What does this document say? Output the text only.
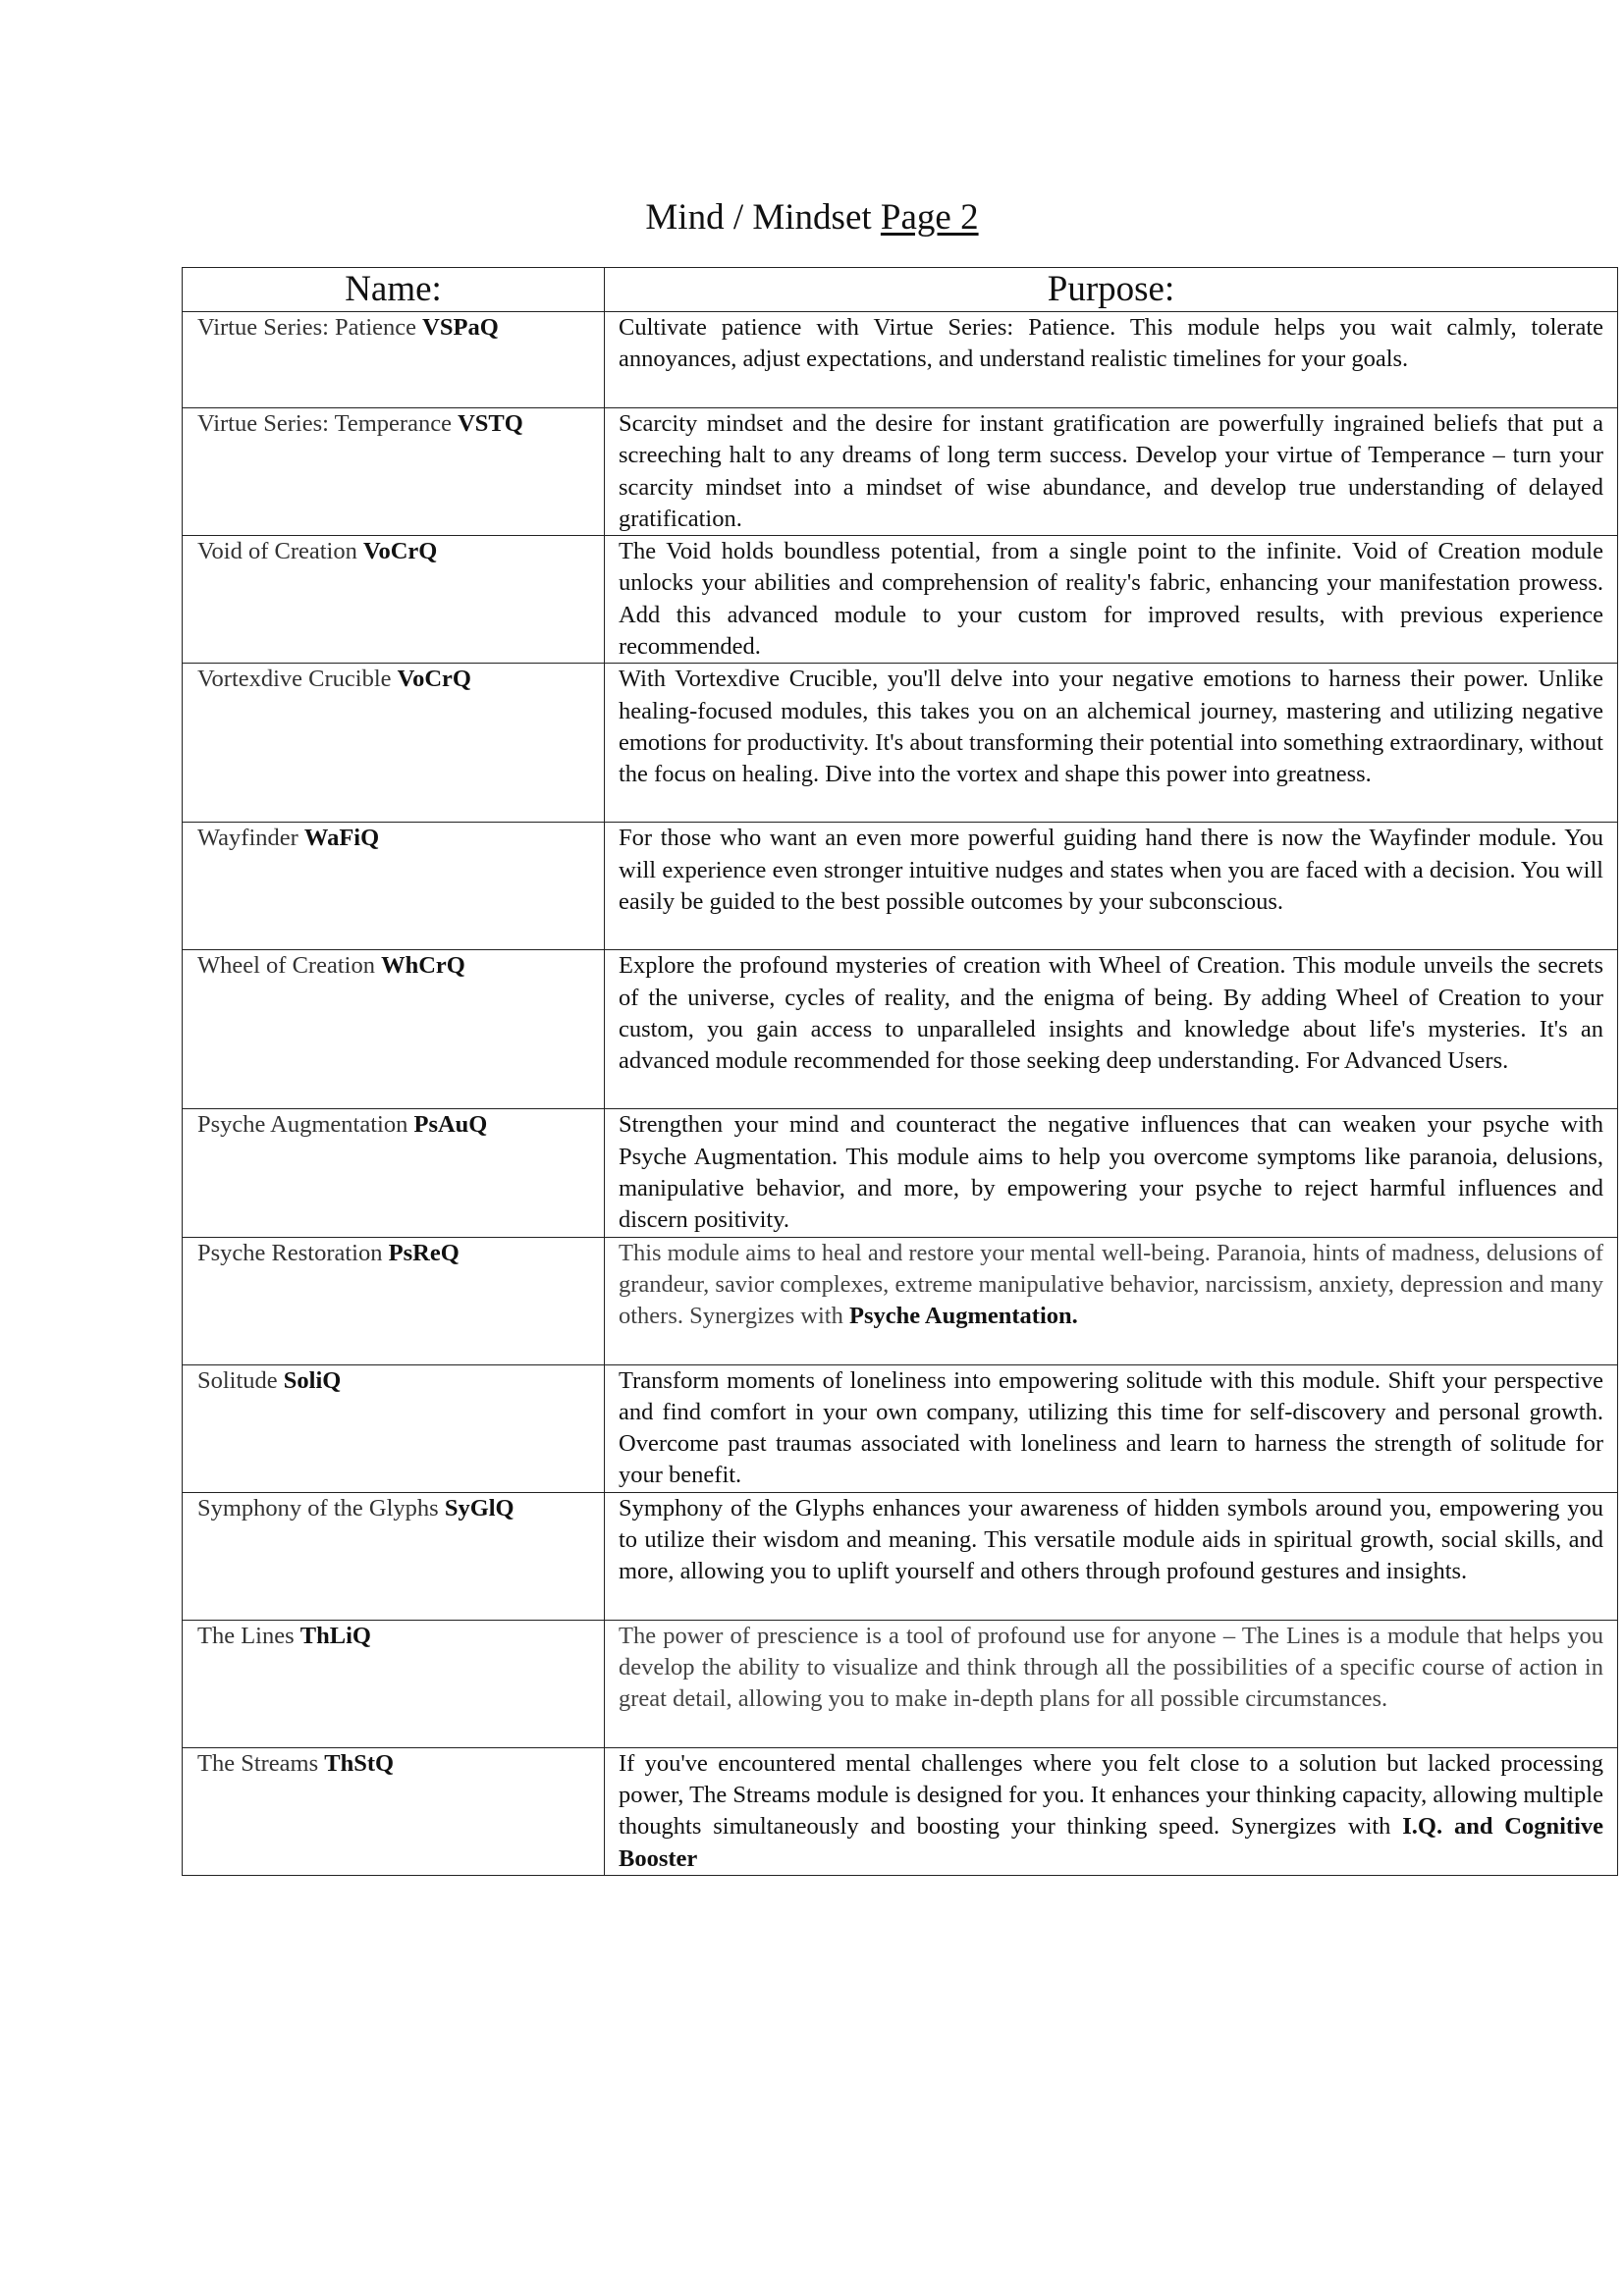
Mind / Mindset Page 2
Name:	Purpose:
Virtue Series: Patience VSPaQ	Cultivate patience with Virtue Series: Patience. This module helps you wait calmly, tolerate annoyances, adjust expectations, and understand realistic timelines for your goals.
Virtue Series: Temperance VSTQ	Scarcity mindset and the desire for instant gratification are powerfully ingrained beliefs that put a screeching halt to any dreams of long term success. Develop your virtue of Temperance – turn your scarcity mindset into a mindset of wise abundance, and develop true understanding of delayed gratification.
Void of Creation VoCrQ	The Void holds boundless potential, from a single point to the infinite. Void of Creation module unlocks your abilities and comprehension of reality's fabric, enhancing your manifestation prowess. Add this advanced module to your custom for improved results, with previous experience recommended.
Vortexdive Crucible VoCrQ	With Vortexdive Crucible, you'll delve into your negative emotions to harness their power. Unlike healing-focused modules, this takes you on an alchemical journey, mastering and utilizing negative emotions for productivity. It's about transforming their potential into something extraordinary, without the focus on healing. Dive into the vortex and shape this power into greatness.
Wayfinder WaFiQ	For those who want an even more powerful guiding hand there is now the Wayfinder module. You will experience even stronger intuitive nudges and states when you are faced with a decision. You will easily be guided to the best possible outcomes by your subconscious.
Wheel of Creation WhCrQ	Explore the profound mysteries of creation with Wheel of Creation. This module unveils the secrets of the universe, cycles of reality, and the enigma of being. By adding Wheel of Creation to your custom, you gain access to unparalleled insights and knowledge about life's mysteries. It's an advanced module recommended for those seeking deep understanding. For Advanced Users.
Psyche Augmentation PsAuQ	Strengthen your mind and counteract the negative influences that can weaken your psyche with Psyche Augmentation. This module aims to help you overcome symptoms like paranoia, delusions, manipulative behavior, and more, by empowering your psyche to reject harmful influences and discern positivity.
Psyche Restoration PsReQ	This module aims to heal and restore your mental well-being. Paranoia, hints of madness, delusions of grandeur, savior complexes, extreme manipulative behavior, narcissism, anxiety, depression and many others. Synergizes with Psyche Augmentation.
Solitude SoliQ	Transform moments of loneliness into empowering solitude with this module. Shift your perspective and find comfort in your own company, utilizing this time for self-discovery and personal growth. Overcome past traumas associated with loneliness and learn to harness the strength of solitude for your benefit.
Symphony of the Glyphs SyGlQ	Symphony of the Glyphs enhances your awareness of hidden symbols around you, empowering you to utilize their wisdom and meaning. This versatile module aids in spiritual growth, social skills, and more, allowing you to uplift yourself and others through profound gestures and insights.
The Lines ThLiQ	The power of prescience is a tool of profound use for anyone – The Lines is a module that helps you develop the ability to visualize and think through all the possibilities of a specific course of action in great detail, allowing you to make in-depth plans for all possible circumstances.
The Streams ThStQ	If you've encountered mental challenges where you felt close to a solution but lacked processing power, The Streams module is designed for you. It enhances your thinking capacity, allowing multiple thoughts simultaneously and boosting your thinking speed. Synergizes with I.Q. and Cognitive Booster
